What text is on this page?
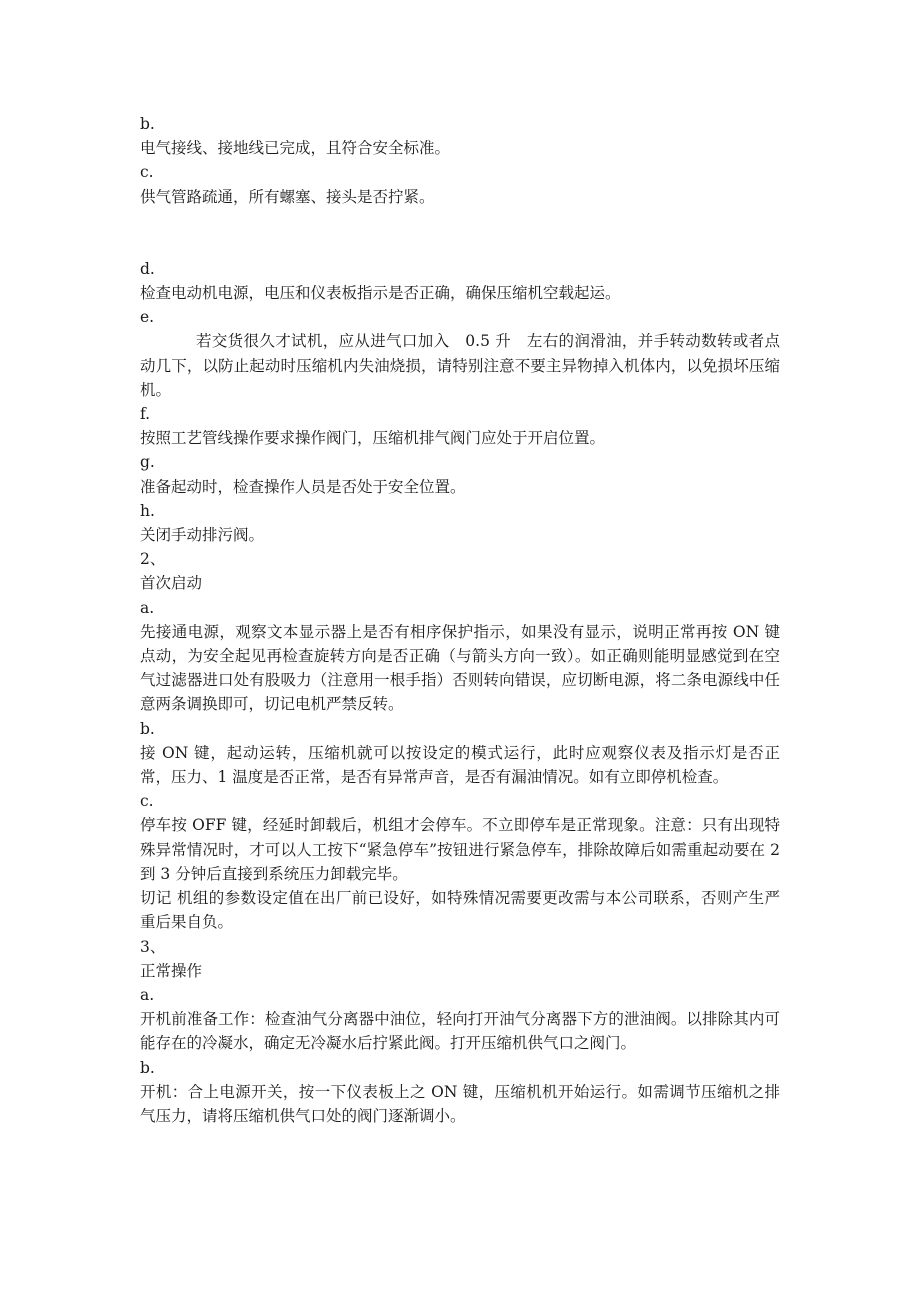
b.

电气接线、接地线已完成，且符合安全标准。

c.

供气管路疏通，所有螺塞、接头是否拧紧。

d.

检查电动机电源，电压和仪表板指示是否正确，确保压缩机空载起运。

e.

若交货很久才试机，应从进气口加入　0.5 升　左右的润滑油，并手转动数转或者点动几下，以防止起动时压缩机内失油烧损，请特别注意不要主异物掉入机体内，以免损坏压缩机。

f.

按照工艺管线操作要求操作阀门，压缩机排气阀门应处于开启位置。

g.

准备起动时，检查操作人员是否处于安全位置。

h.

关闭手动排污阀。

2、

首次启动

a.

先接通电源，观察文本显示器上是否有相序保护指示，如果没有显示，说明正常再按 ON 键点动，为安全起见再检查旋转方向是否正确（与箭头方向一致）。如正确则能明显感觉到在空气过滤器进口处有股吸力（注意用一根手指）否则转向错误，应切断电源，将二条电源线中任意两条调换即可，切记电机严禁反转。

b.

接 ON 键，起动运转，压缩机就可以按设定的模式运行，此时应观察仪表及指示灯是否正常，压力、1 温度是否正常，是否有异常声音，是否有漏油情况。如有立即停机检查。

c.

停车按 OFF 键，经延时卸载后，机组才会停车。不立即停车是正常现象。注意：只有出现特殊异常情况时，才可以人工按下“紧急停车”按钮进行紧急停车，排除故障后如需重起动要在 2 到 3 分钟后直接到系统压力卸载完毕。

切记 机组的参数设定值在出厂前已设好，如特殊情况需要更改需与本公司联系，否则产生严重后果自负。

3、

正常操作

a.

开机前准备工作：检查油气分离器中油位，轻向打开油气分离器下方的泄油阀。以排除其内可能存在的冷凝水，确定无冷凝水后拧紧此阀。打开压缩机供气口之阀门。

b.

开机：合上电源开关，按一下仪表板上之 ON 键，压缩机机开始运行。如需调节压缩机之排气压力，请将压缩机供气口处的阀门逐渐调小。
